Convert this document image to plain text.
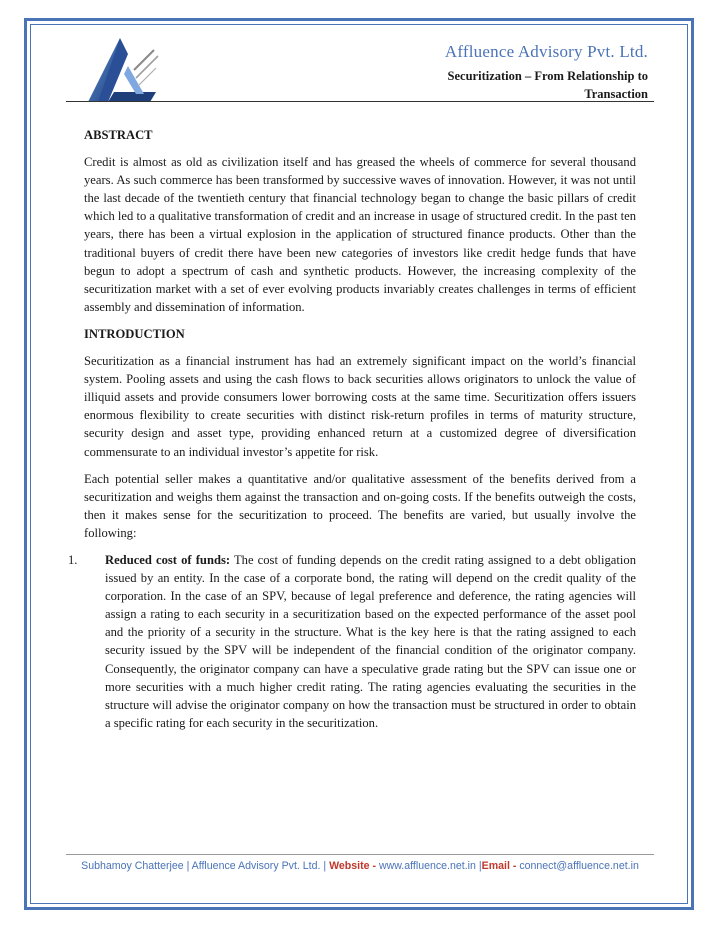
Affluence Advisory Pvt. Ltd.
Securitization – From Relationship to
Transaction
ABSTRACT

Credit is almost as old as civilization itself and has greased the wheels of commerce for several thousand years. As such commerce has been transformed by successive waves of innovation. However, it was not until the last decade of the twentieth century that financial technology began to change the basic pillars of credit which led to a qualitative transformation of credit and an increase in usage of structured credit. In the past ten years, there has been a virtual explosion in the application of structured finance products. Other than the traditional buyers of credit there have been new categories of investors like credit hedge funds that have begun to adopt a spectrum of cash and synthetic products. However, the increasing complexity of the securitization market with a set of ever evolving products invariably creates challenges in terms of efficient assembly and dissemination of information.

INTRODUCTION

Securitization as a financial instrument has had an extremely significant impact on the world’s financial system. Pooling assets and using the cash flows to back securities allows originators to unlock the value of illiquid assets and provide consumers lower borrowing costs at the same time. Securitization offers issuers enormous flexibility to create securities with distinct risk-return profiles in terms of maturity structure, security design and asset type, providing enhanced return at a customized degree of diversification commensurate to an individual investor’s appetite for risk.

Each potential seller makes a quantitative and/or qualitative assessment of the benefits derived from a securitization and weighs them against the transaction and on-going costs. If the benefits outweigh the costs, then it makes sense for the securitization to proceed. The benefits are varied, but usually involve the following:

1. Reduced cost of funds: The cost of funding depends on the credit rating assigned to a debt obligation issued by an entity. In the case of a corporate bond, the rating will depend on the credit quality of the corporation. In the case of an SPV, because of legal preference and deference, the rating agencies will assign a rating to each security in a securitization based on the expected performance of the asset pool and the priority of a security in the structure. What is the key here is that the rating assigned to each security issued by the SPV will be independent of the financial condition of the originator company. Consequently, the originator company can have a speculative grade rating but the SPV can issue one or more securities with a much higher credit rating. The rating agencies evaluating the securities in the structure will advise the originator company on how the transaction must be structured in order to obtain a specific rating for each security in the securitization.
Subhamoy Chatterjee | Affluence Advisory Pvt. Ltd. | Website - www.affluence.net.in |Email - connect@affluence.net.in
